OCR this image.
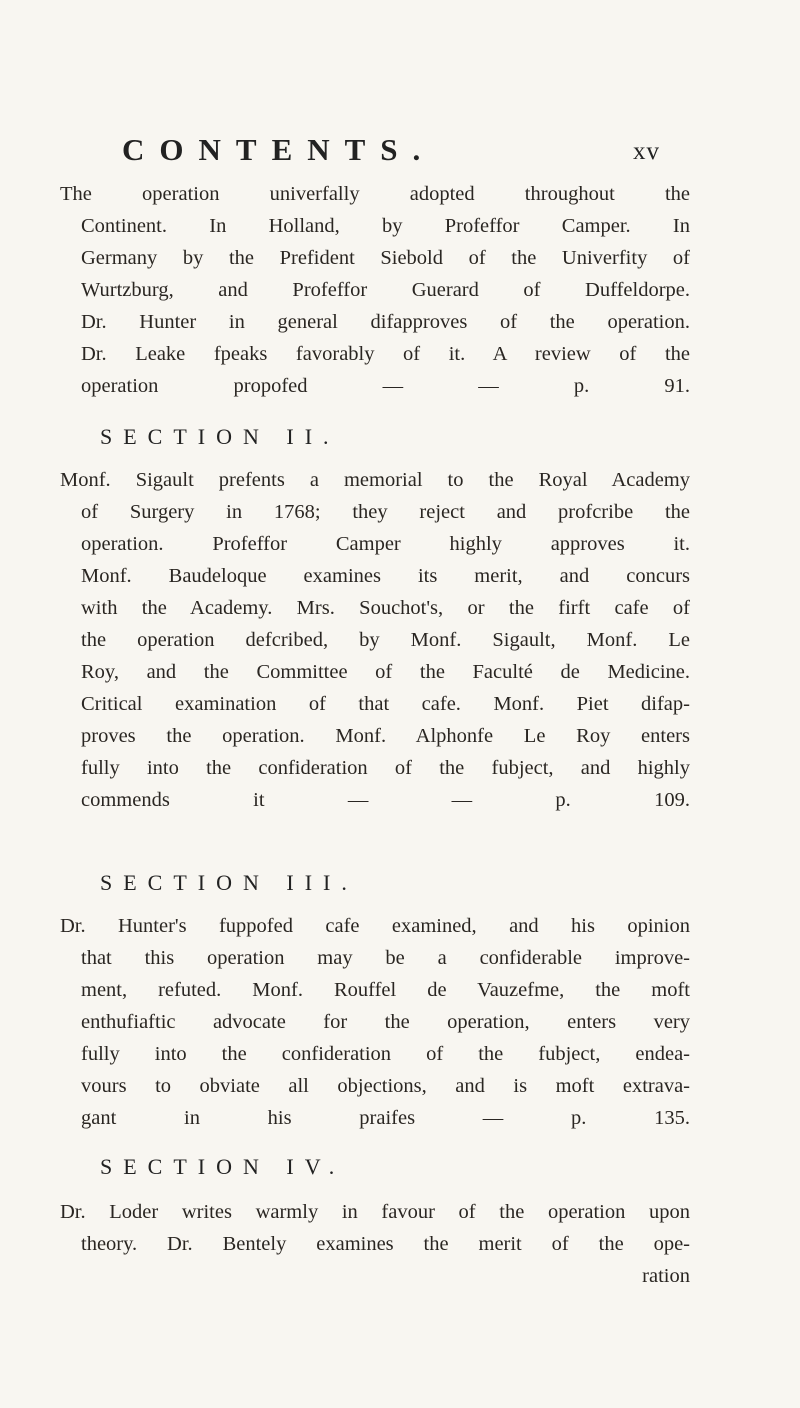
CONTENTS.	xv
The operation univerfally adopted throughout the
Continent. In Holland, by Profeffor Camper. In
Germany by the Prefident Siebold of the Univerfity of
Wurtzburg, and Profeffor Guerard of Duffeldorpe.
Dr. Hunter in general difapproves of the operation.
Dr. Leake fpeaks favorably of it. A review of the
operation propofed — — p. 91.
SECTION II.
Monf. Sigault prefents a memorial to the Royal Academy
of Surgery in 1768; they reject and profcribe the
operation. Profeffor Camper highly approves it.
Monf. Baudeloque examines its merit, and concurs
with the Academy. Mrs. Souchot's, or the firft cafe of
the operation defcribed, by Monf. Sigault, Monf. Le
Roy, and the Committee of the Faculté de Medicine.
Critical examination of that cafe. Monf. Piet difap-
proves the operation. Monf. Alphonfe Le Roy enters
fully into the confideration of the fubject, and highly
commends it — — p. 109.
SECTION III.
Dr. Hunter's fuppofed cafe examined, and his opinion
that this operation may be a confiderable improve-
ment, refuted. Monf. Rouffel de Vauzefme, the moft
enthufiaftic advocate for the operation, enters very
fully into the confideration of the fubject, endea-
vours to obviate all objections, and is moft extrava-
gant in his praifes — p. 135.
SECTION IV.
Dr. Loder writes warmly in favour of the operation upon
theory. Dr. Bentely examines the merit of the ope-
ration
